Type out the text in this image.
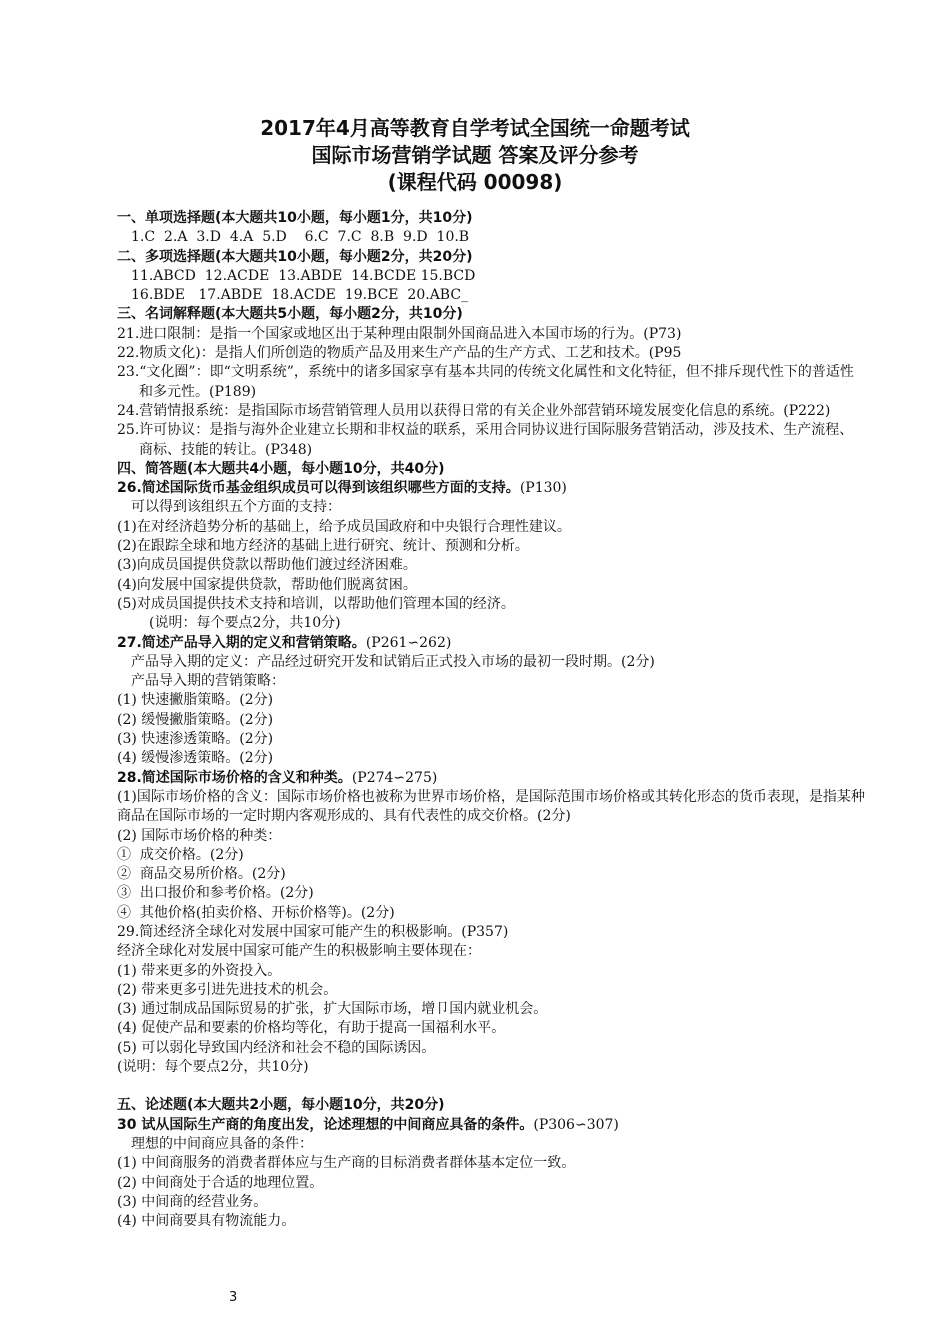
2017年4月高等教育自学考试全国统一命题考试
国际市场营销学试题 答案及评分参考
(课程代码 00098)
一、单项选择题(本大题共10小题，每小题1分，共10分)
1.C  2.A  3.D  4.A  5.D    6.C  7.C  8.B  9.D  10.B
二、多项选择题(本大题共10小题，每小题2分，共20分)
11.ABCD  12.ACDE  13.ABDE  14.BCDE 15.BCD
16.BDE   17.ABDE  18.ACDE  19.BCE  20.ABC_
三、名词解释题(本大题共5小题，每小题2分，共10分)
21.进口限制：是指一个国家或地区出于某种理由限制外国商品进入本国市场的行为。(P73)
22.物质文化)：是指人们所创造的物质产品及用来生产产品的生产方式、工艺和技术。(P95
23.“文化圈”：即“文明系统”，系统中的诸多国家享有基本共同的传统文化属性和文化特征，但不排斥现代性下的普适性和多元性。(P189)
24.营销情报系统：是指国际市场营销管理人员用以获得日常的有关企业外部营销环境发展变化信息的系统。(P222)
25.许可协议：是指与海外企业建立长期和非权益的联系，采用合同协议进行国际服务营销活动，涉及技术、生产流程、商标、技能的转让。(P348)
四、简答题(本大题共4小题，每小题10分，共40分)
26.简述国际货币基金组织成员可以得到该组织哪些方面的支持。(P130)
可以得到该组织五个方面的支持：
(1)在对经济趋势分析的基础上，给予成员国政府和中央银行合理性建议。
(2)在跟踪全球和地方经济的基础上进行研究、统计、预测和分析。
(3)向成员国提供贷款以帮助他们渡过经济困难。
(4)向发展中国家提供贷款，帮助他们脱离贫困。
(5)对成员国提供技术支持和培训，以帮助他们管理本国的经济。
(说明：每个要点2分，共10分)
27.简述产品导入期的定义和营销策略。(P261∽262)
产品导入期的定义：产品经过研究开发和试销后正式投入市场的最初一段时期。(2分)
产品导入期的营销策略：
(1) 快速撇脂策略。(2分)
(2) 缓慢撇脂策略。(2分)
(3) 快速渗透策略。(2分)
(4) 缓慢渗透策略。(2分)
28.简述国际市场价格的含义和种类。(P274∽275)
(1)国际市场价格的含义：国际市场价格也被称为世界市场价格，是国际范围市场价格或其转化形态的货币表现，是指某种商品在国际市场的一定时期内客观形成的、具有代表性的成交价格。(2分)
(2) 国际市场价格的种类：
①  成交价格。(2分)
②  商品交易所价格。(2分)
③  出口报价和参考价格。(2分)
④  其他价格(拍卖价格、开标价格等)。(2分)
29.简述经济全球化对发展中国家可能产生的积极影响。(P357)
经济全球化对发展中国家可能产生的积极影响主要体现在：
(1) 带来更多的外资投入。
(2) 带来更多引进先进技术的机会。
(3) 通过制成品国际贸易的扩张，扩大国际市场，增卩国内就业机会。
(4) 促使产品和要素的价格均等化，有助于提高一国福利水平。
(5) 可以弱化导致国内经济和社会不稳的国际诱因。
(说明：每个要点2分，共10分)
五、论述题(本大题共2小题，每小题10分，共20分)
30 试从国际生产商的角度出发，论述理想的中间商应具备的条件。(P306∽307)
理想的中间商应具备的条件：
(1) 中间商服务的消费者群体应与生产商的目标消费者群体基本定位一致。
(2) 中间商处于合适的地理位置。
(3) 中间商的经营业务。
(4) 中间商要具有物流能力。
3
